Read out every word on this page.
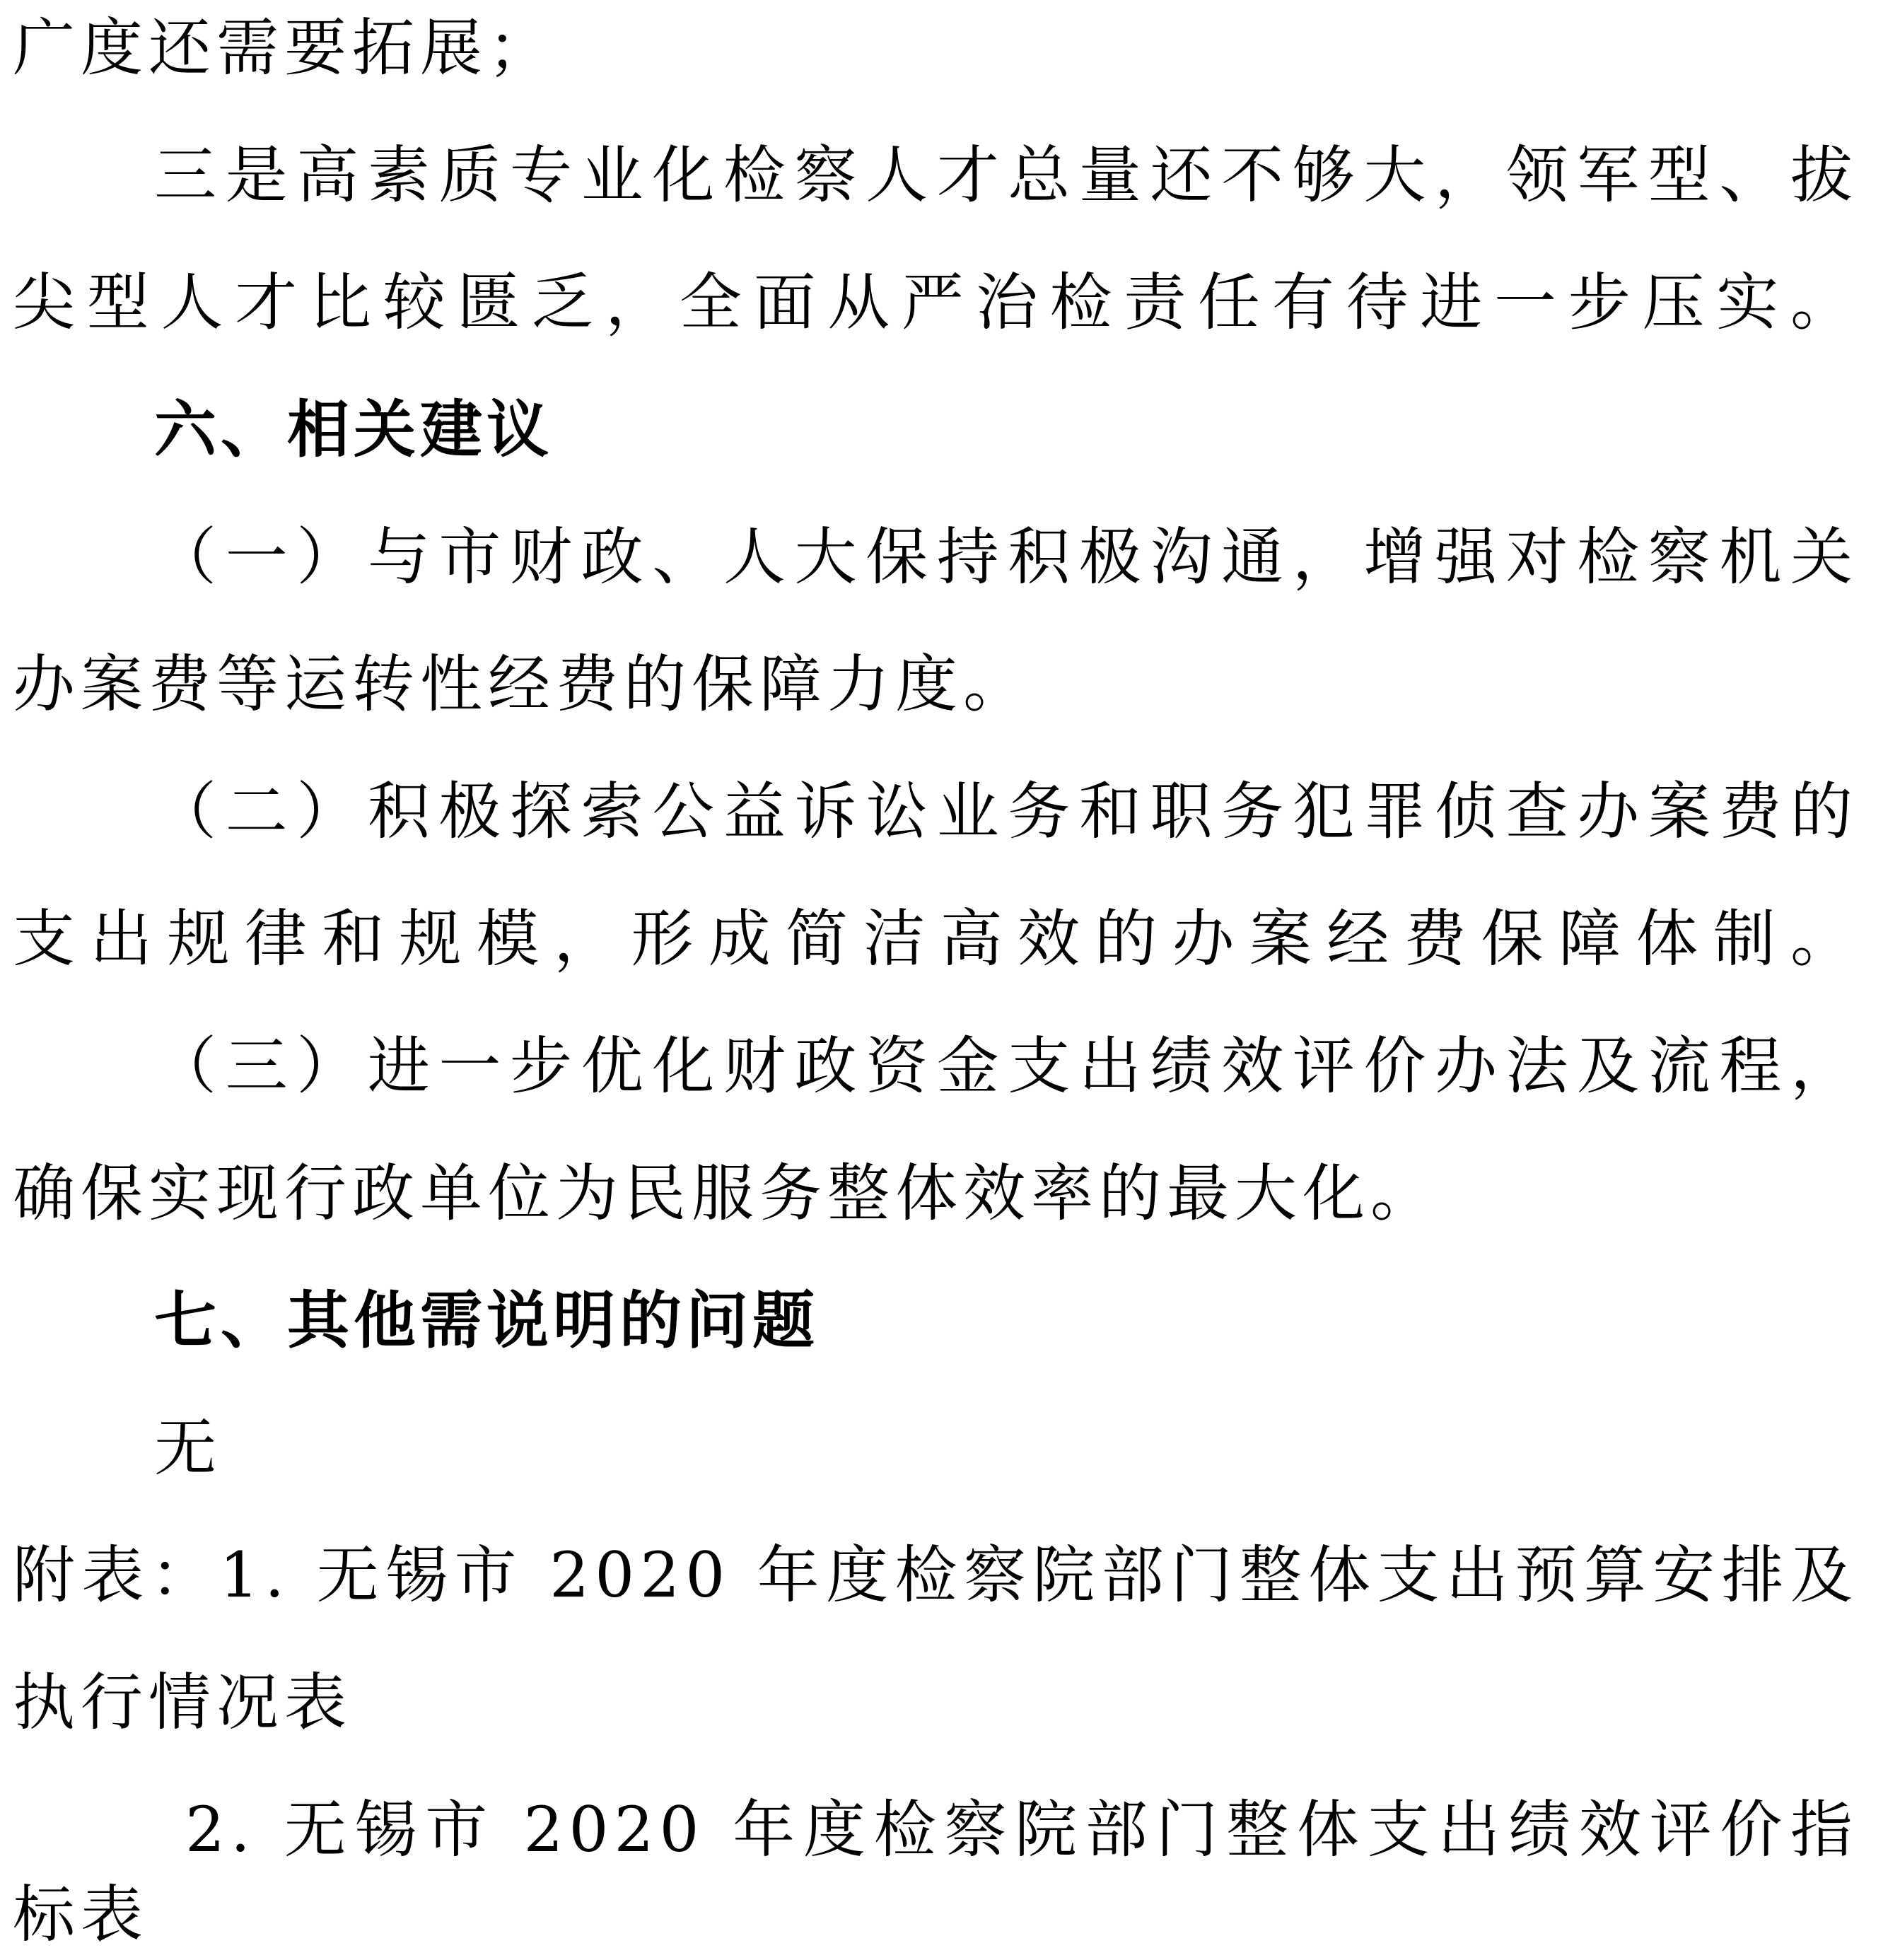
广度还需要拓展；
三是高素质专业化检察人才总量还不够大，领军型、拔
尖型人才比较匮乏，全面从严治检责任有待进一步压实。
六、相关建议
（一）与市财政、人大保持积极沟通，增强对检察机关
办案费等运转性经费的保障力度。
（二）积极探索公益诉讼业务和职务犯罪侦查办案费的
支出规律和规模，形成简洁高效的办案经费保障体制。
（三）进一步优化财政资金支出绩效评价办法及流程，
确保实现行政单位为民服务整体效率的最大化。
七、其他需说明的问题
无
附表：1. 无锡市 2020 年度检察院部门整体支出预算安排及
执行情况表
2. 无锡市 2020 年度检察院部门整体支出绩效评价指
标表
